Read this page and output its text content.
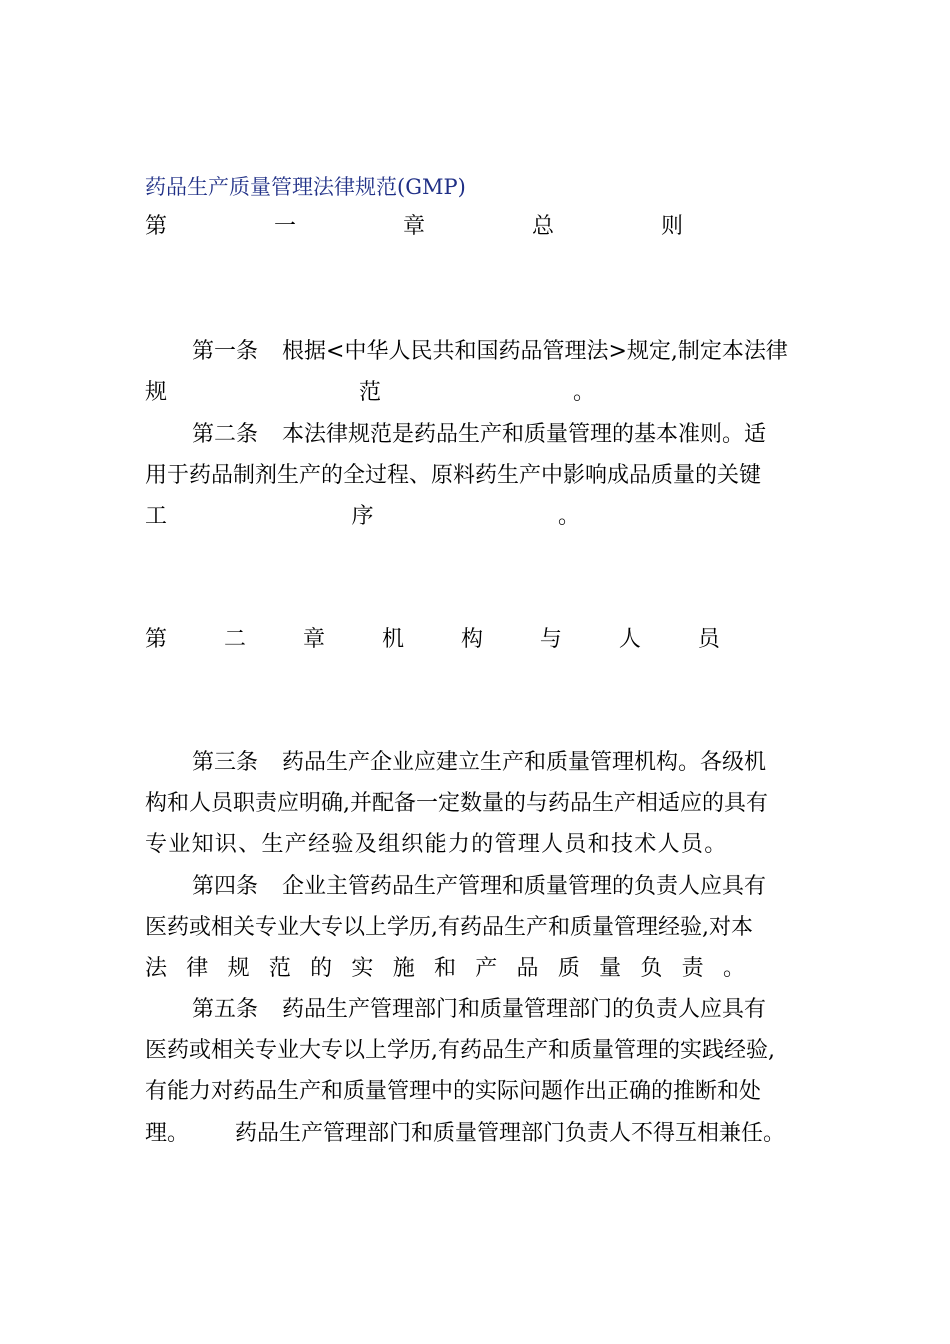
药品生产质量管理法律规范(GMP)
第	一	章	总	则
第一条 根据<中华人民共和国药品管理法>规定,制定本法律
规	范	。
第二条 本法律规范是药品生产和质量管理的基本准则。适
用于药品制剂生产的全过程、原料药生产中影响成品质量的关键
工	序	。
第	二	章	机	构	与	人	员
第三条 药品生产企业应建立生产和质量管理机构。各级机
构和人员职责应明确,并配备一定数量的与药品生产相适应的具有
专业知识、生产经验及组织能力的管理人员和技术人员。
第四条 企业主管药品生产管理和质量管理的负责人应具有
医药或相关专业大专以上学历,有药品生产和质量管理经验,对本
法 律 规 范 的 实 施 和 产 品 质 量 负 责 。
第五条 药品生产管理部门和质量管理部门的负责人应具有
医药或相关专业大专以上学历,有药品生产和质量管理的实践经验,
有能力对药品生产和质量管理中的实际问题作出正确的推断和处
理。 药品生产管理部门和质量管理部门负责人不得互相兼任。
